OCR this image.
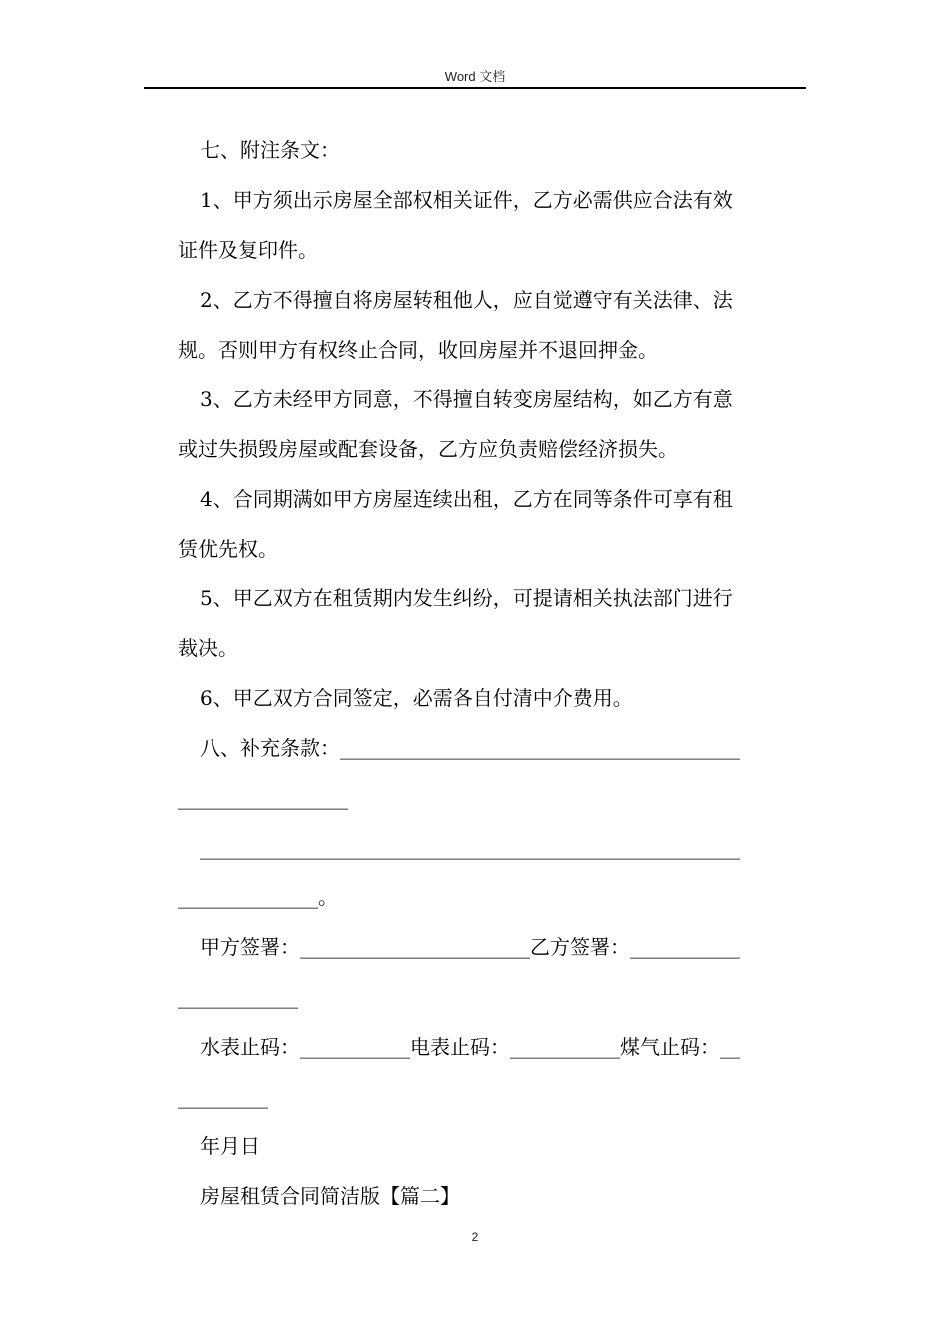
Word 文档
七、附注条文：
1、甲方须出示房屋全部权相关证件，乙方必需供应合法有效
证件及复印件。
2、乙方不得擅自将房屋转租他人，应自觉遵守有关法律、法
规。否则甲方有权终止合同，收回房屋并不退回押金。
3、乙方未经甲方同意，不得擅自转变房屋结构，如乙方有意
或过失损毁房屋或配套设备，乙方应负责赔偿经济损失。
4、合同期满如甲方房屋连续出租，乙方在同等条件可享有租
赁优先权。
5、甲乙双方在租赁期内发生纠纷，可提请相关执法部门进行
裁决。
6、甲乙双方合同签定，必需各自付清中介费用。
八、补充条款：________________________________________
_________________
______________________________________________________
______________。
甲方签署：_______________________乙方签署：___________
____________
水表止码：___________电表止码：___________煤气止码：__
_________
年月日
房屋租赁合同简洁版【篇二】
2
